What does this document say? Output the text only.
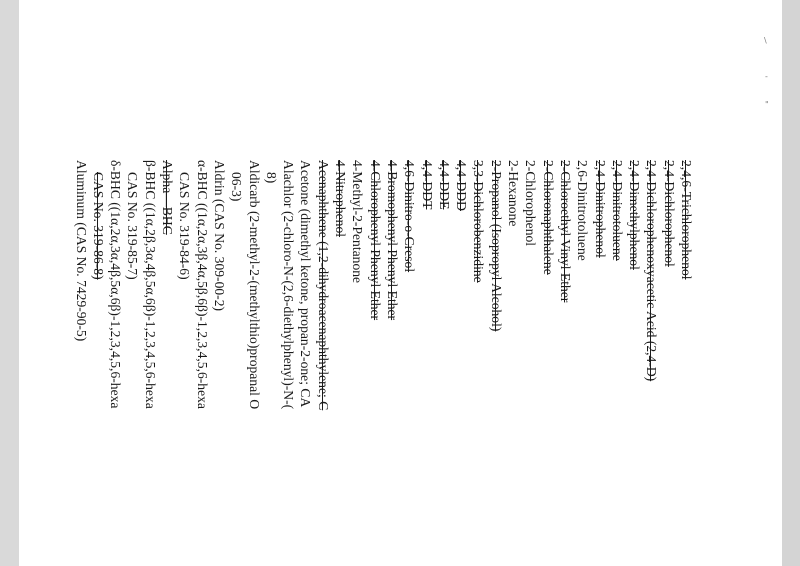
\
-
"
2,4,6-Trichlorophenol
2,4-Dichlorophenol
2,4-Dichlorophenoxyacetic Acid (2,4-D)
2,4-Dimethylphenol
2,4-Dinitrotoluene
2,4-Dinitrophenol
2,6-Dinitrotoluene
2-Chloroethyl Vinyl Ether
2-Chloronaphthalene
2-Chlorophenol
2-Hexanone
2-Propanol (Isopropyl Alcohol)
3,3-Dichlorobenzidine
4,4-DDD
4,4-DDE
4,4-DDT
4,6-Dinitro-o-Cresol
4-Bromophenyl Phenyl Ether
4-Chlorophenyl Phenyl Ether
4-Methyl-2-Pentanone
4-Nitrophenol
Acenaphthene (1,2-dihydroacenaphthylene; C
Acetone (dimethyl ketone, propan-2-one; CA
Alachlor (2-chloro-N-(2,6-diethylphenyl)-N-(
8)
Aldicarb (2-methyl-2-(methylthio)propanal O
06-3)
Aldrin (CAS No. 309-00-2)
α-BHC ((1α,2α,3β,4α,5β,6β)-1,2,3,4,5,6-hexa
CAS No. 319-84-6)
Alpha—BHC
β-BHC ((1α,2β,3α,4β,5α,6β)-1,2,3,4,5,6-hexa
CAS No. 319-85-7)
δ-BHC ((1α,2α,3α,4β,5α,6β)-1,2,3,4,5,6-hexa
CAS No. 319-86-8)
Aluminum (CAS No. 7429-90-5)
